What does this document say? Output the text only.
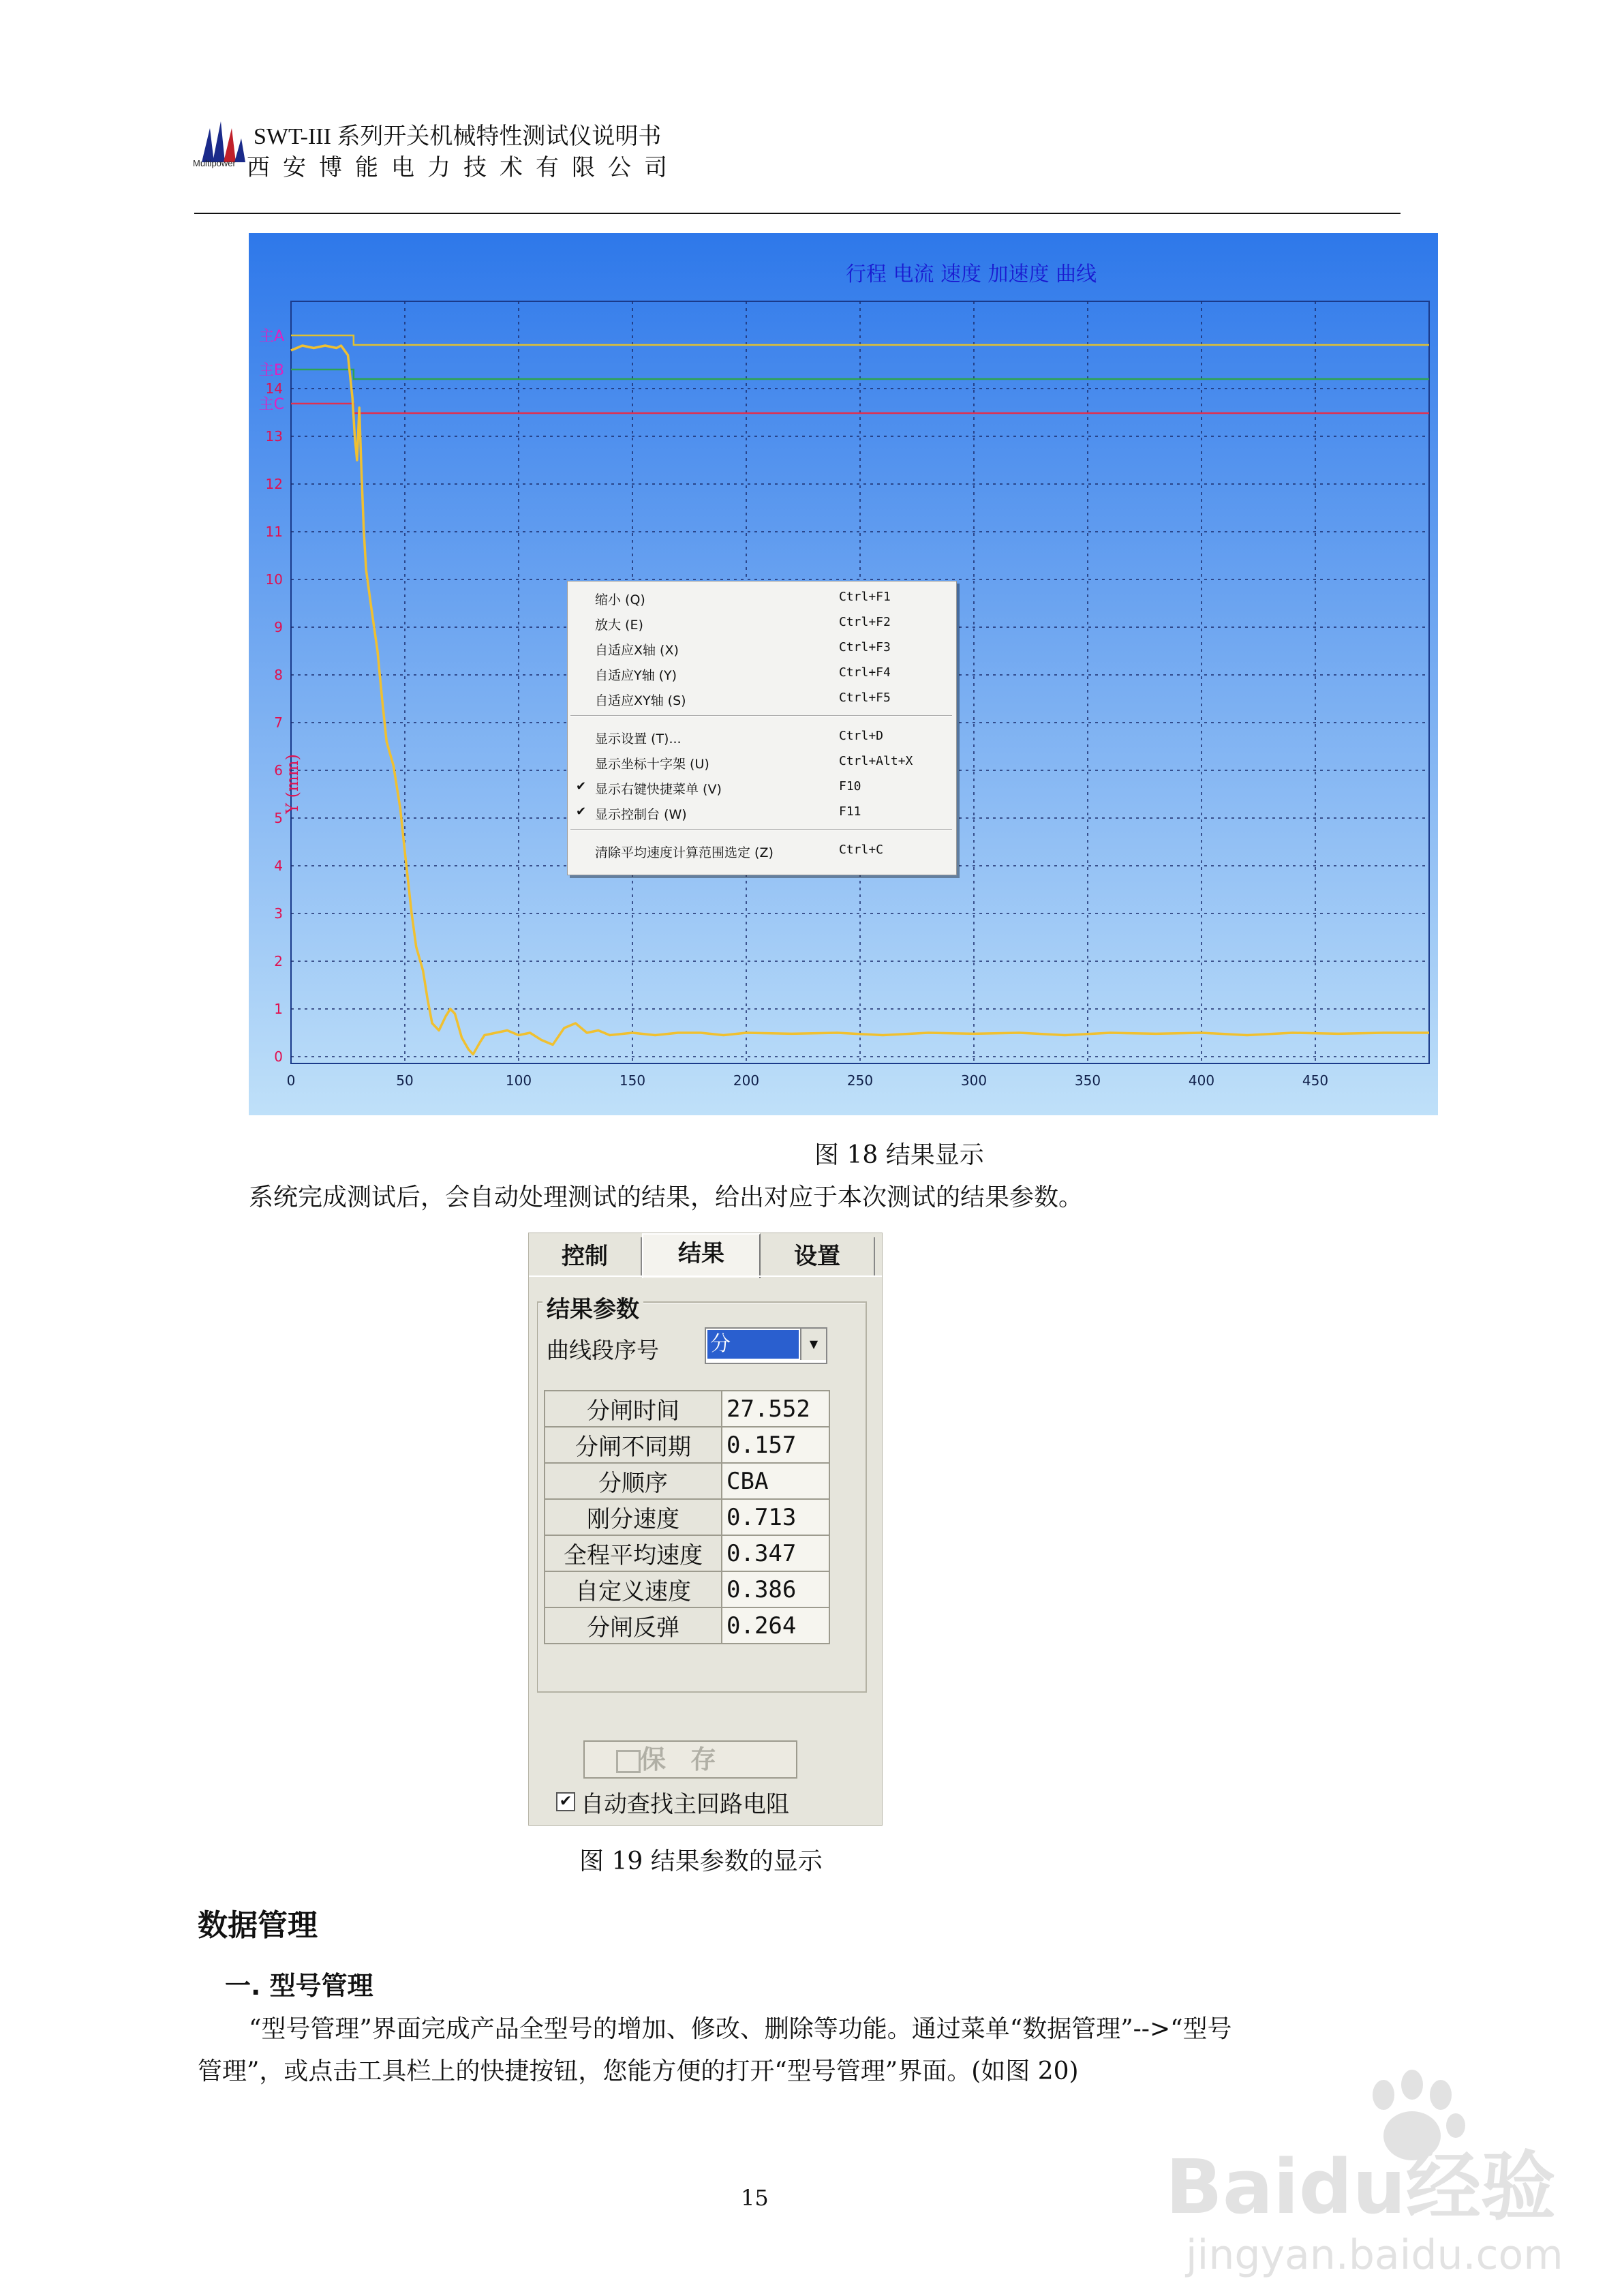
Multipower
SWT-III 系列开关机械特性测试仪说明书
西安博能电力技术有限公司
主A
主B
主C
0	50	100	150	200	250	300	350	400	450
0
1
2
3
4
5
6
7
8
9
10
11
12
13
14
行程 电流 速度 加速度 曲线
Y (mm)
缩小 (Q)	Ctrl+F1
放大 (E)	Ctrl+F2
自适应X轴 (X)	Ctrl+F3
自适应Y轴 (Y)	Ctrl+F4
自适应XY轴 (S)	Ctrl+F5
显示设置 (T)...	Ctrl+D
显示坐标十字架 (U)	Ctrl+Alt+X
✔ 显示右键快捷菜单 (V)	F10
✔ 显示控制台 (W)	F11
清除平均速度计算范围选定 (Z)	Ctrl+C
图 18 结果显示
系统完成测试后，会自动处理测试的结果，给出对应于本次测试的结果参数。
控制	结果	设置
结果参数
曲线段序号	分	▼
分闸时间	27.552
分闸不同期	0.157
分顺序	CBA
刚分速度	0.713
全程平均速度	0.347
自定义速度	0.386
分闸反弹	0.264
保存
✔ 自动查找主回路电阻
图 19 结果参数的显示
数据管理
一. 型号管理
“型号管理”界面完成产品全型号的增加、修改、删除等功能。通过菜单“数据管理”-->“型号
管理”，或点击工具栏上的快捷按钮，您能方便的打开“型号管理”界面。(如图 20)
15	Baidu经验
jingyan.baidu.com
